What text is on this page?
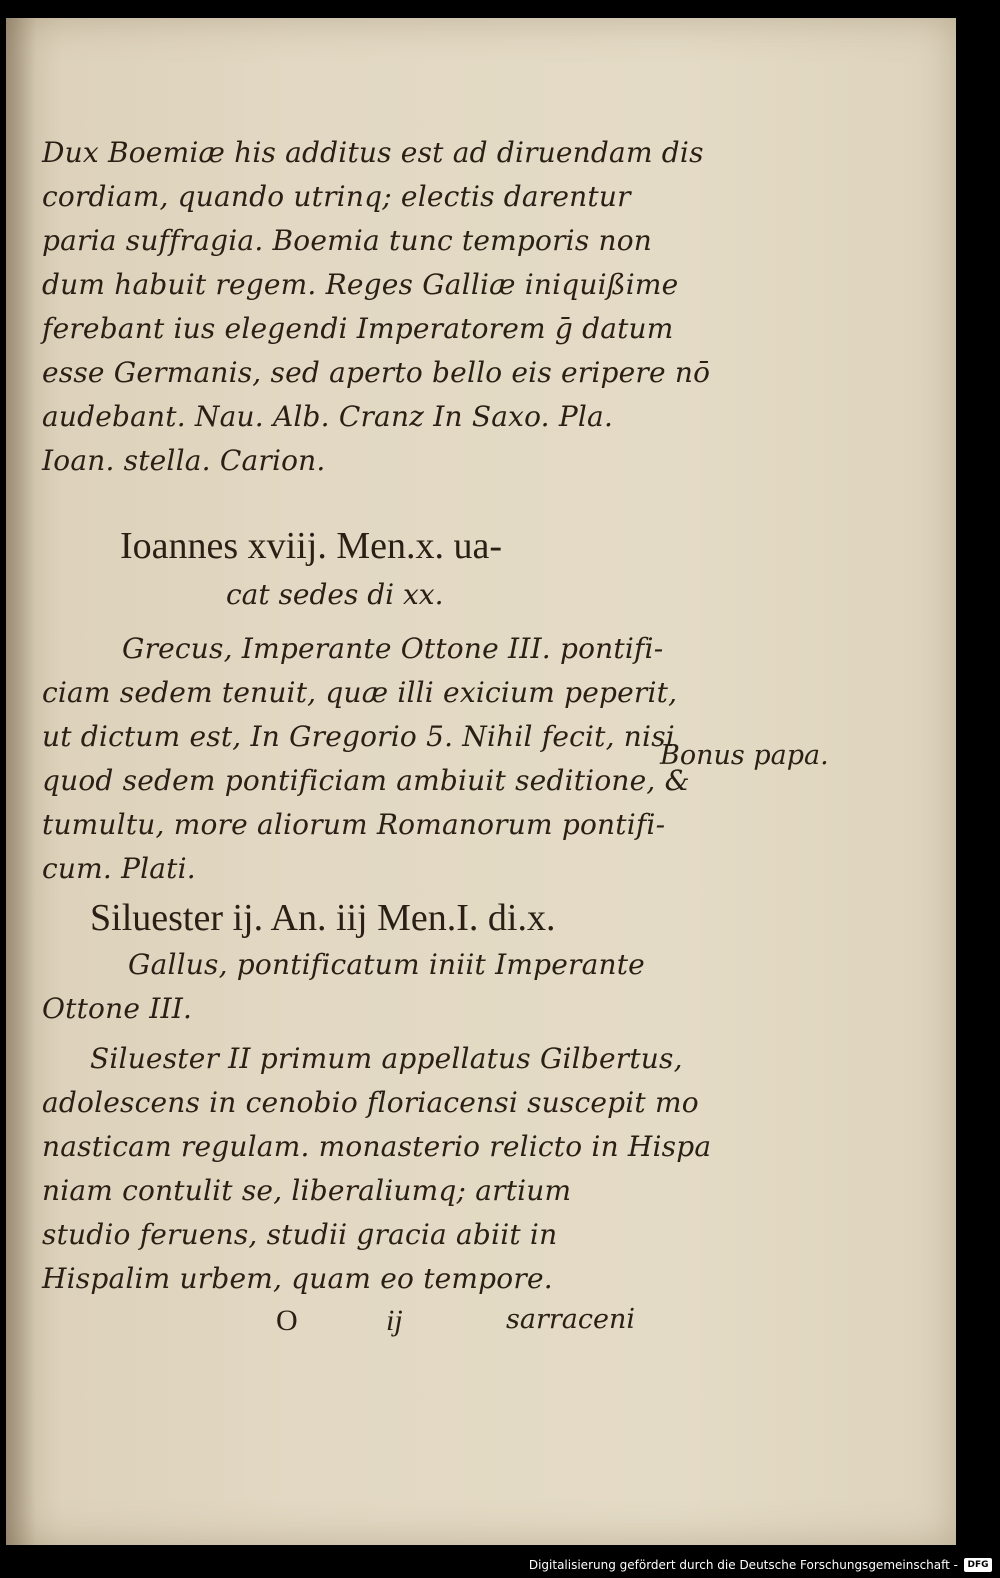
Dux Boemiæ his additus est ad diruendam dis
cordiam, quando utrinq; electis darentur
paria suffragia. Boemia tunc temporis non
dum habuit regem. Reges Galliæ iniquißime
ferebant ius elegendi Imperatorem ḡ datum
esse Germanis, sed aperto bello eis eripere nō
audebant. Nau. Alb. Cranz In Saxo. Pla.
Ioan. stella. Carion.
Ioannes xviij. Men.x. ua-
cat sedes di xx.
Grecus, Imperante Ottone III. pontifi-
ciam sedem tenuit, quæ illi exicium peperit,
ut dictum est, In Gregorio 5. Nihil fecit, nisi
quod sedem pontificiam ambiuit seditione, &
tumultu, more aliorum Romanorum pontifi-
cum. Plati.
Siluester ij. An. iij Men.I. di.x.
Gallus, pontificatum iniit Imperante
Ottone III.
Siluester II primum appellatus Gilbertus,
adolescens in cenobio floriacensi suscepit mo
nasticam regulam. monasterio relicto in Hispa
niam contulit se, liberaliumq; artium
studio feruens, studii gracia abiit in
Hispalim urbem, quam eo tempore.
Bonus papa.
O	ij	sarraceni
Digitalisierung gefördert durch die Deutsche Forschungsgemeinschaft -	DFG
